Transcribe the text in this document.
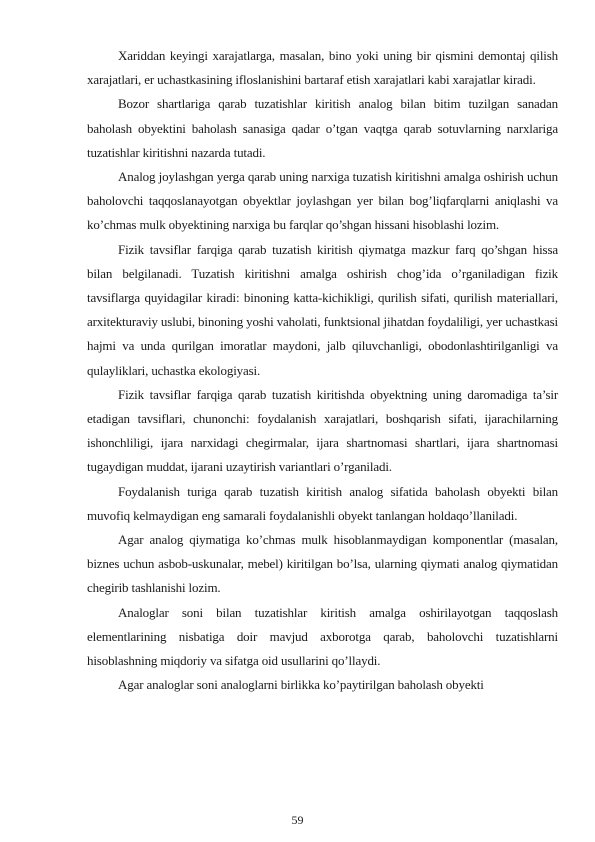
Xariddan keyingi xarajatlarga, masalan, bino yoki uning bir qismini demontaj qilish xarajatlari, er uchastkasining ifloslanishini bartaraf etish xarajatlari kabi xarajatlar kiradi.

Bozor shartlariga qarab tuzatishlar kiritish analog bilan bitim tuzilgan sanadan baholash obyektini baholash sanasiga qadar o’tgan vaqtga qarab sotuvlarning narxlariga tuzatishlar kiritishni nazarda tutadi.

Analog joylashgan yerga qarab uning narxiga tuzatish kiritishni amalga oshirish uchun baholovchi taqqoslanayotgan obyektlar joylashgan yer bilan bog’liqfarqlarni aniqlashi va ko’chmas mulk obyektining narxiga bu farqlar qo’shgan hissani hisoblashi lozim.

Fizik tavsiflar farqiga qarab tuzatish kiritish qiymatga mazkur farq qo’shgan hissa bilan belgilanadi. Tuzatish kiritishni amalga oshirish chog’ida o’rganiladigan fizik tavsiflarga quyidagilar kiradi: binoning katta-kichikligi, qurilish sifati, qurilish materiallari, arxitekturaviy uslubi, binoning yoshi vaholati, funktsional jihatdan foydaliligi, yer uchastkasi hajmi va unda qurilgan imoratlar maydoni, jalb qiluvchanligi, obodonlashtirilganligi va qulayliklari, uchastka ekologiyasi.

Fizik tavsiflar farqiga qarab tuzatish kiritishda obyektning uning daromadiga ta’sir etadigan tavsiflari, chunonchi: foydalanish xarajatlari, boshqarish sifati, ijarachilarning ishonchliligi, ijara narxidagi chegirmalar, ijara shartnomasi shartlari, ijara shartnomasi tugaydigan muddat, ijarani uzaytirish variantlari o’rganiladi.

Foydalanish turiga qarab tuzatish kiritish analog sifatida baholash obyekti bilan muvofiq kelmaydigan eng samarali foydalanishli obyekt tanlangan holdaqo’llaniladi.

Agar analog qiymatiga ko’chmas mulk hisoblanmaydigan komponentlar (masalan, biznes uchun asbob-uskunalar, mebel) kiritilgan bo’lsa, ularning qiymati analog qiymatidan chegirib tashlanishi lozim.

Analoglar soni bilan tuzatishlar kiritish amalga oshirilayotgan taqqoslash elementlarining nisbatiga doir mavjud axborotga qarab, baholovchi tuzatishlarni hisoblashning miqdoriy va sifatga oid usullarini qo’llaydi.

Agar analoglar soni analoglarni birlikka ko’paytirilgan baholash obyekti

59
